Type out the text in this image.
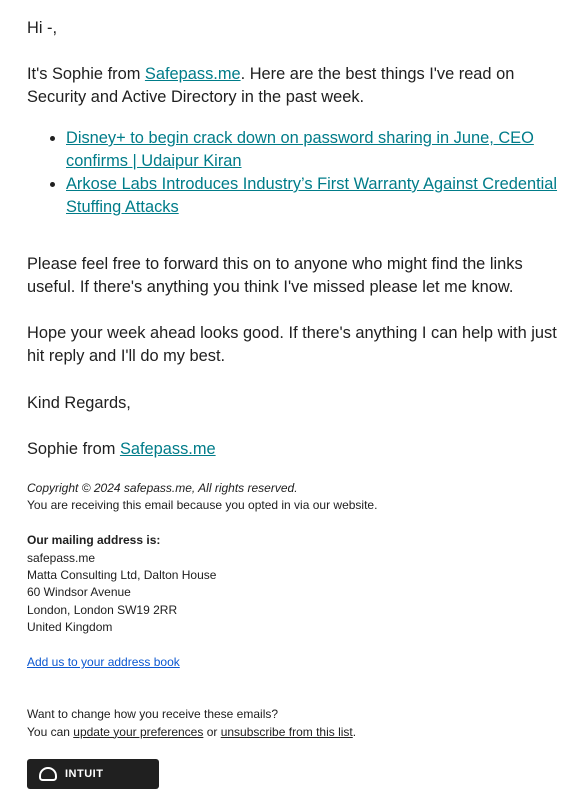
Hi -,

It's Sophie from Safepass.me. Here are the best things I've read on Security and Active Directory in the past week.

• Disney+ to begin crack down on password sharing in June, CEO confirms | Udaipur Kiran
• Arkose Labs Introduces Industry’s First Warranty Against Credential Stuffing Attacks

Please feel free to forward this on to anyone who might find the links useful. If there's anything you think I've missed please let me know.

Hope your week ahead looks good. If there's anything I can help with just hit reply and I'll do my best.

Kind Regards,

Sophie from Safepass.me

Copyright © 2024 safepass.me, All rights reserved.
You are receiving this email because you opted in via our website.
Our mailing address is:
safepass.me
Matta Consulting Ltd, Dalton House
60 Windsor Avenue
London, London SW19 2RR
United Kingdom
Add us to your address book
Want to change how you receive these emails?
You can update your preferences or unsubscribe from this list.
INTUIT
